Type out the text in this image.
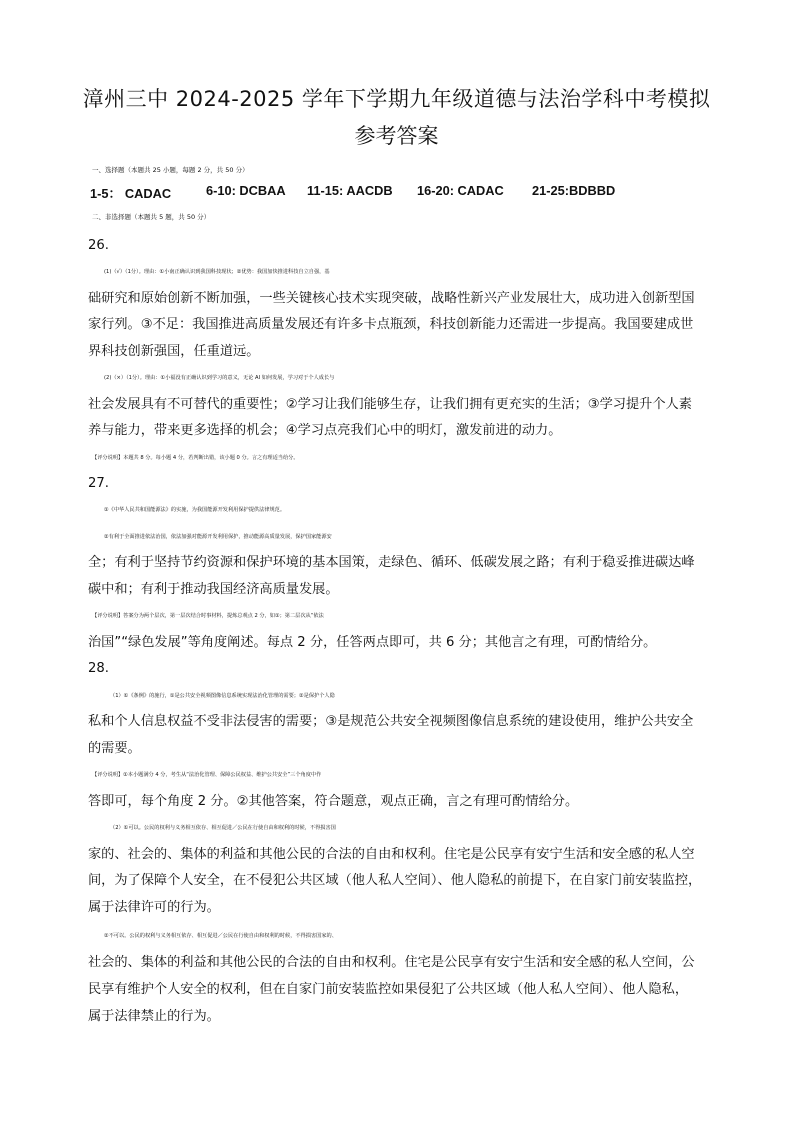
漳州三中 2024-2025 学年下学期九年级道德与法治学科中考模拟
参考答案
一、选择题（本题共 25 小题，每题 2 分，共 50 分）
1-5： CADAC	6-10: DCBAA 11-15: AACDB 16-20: CADAC 21-25:BDBBD
二、非选择题（本题共 5 题，共 50 分）
26.
(1)（√）（1分）。理由：①小南正确认识到我国科技现状；②优势：我国加快推进科技自立自强，基
础研究和原始创新不断加强，一些关键核心技术实现突破，战略性新兴产业发展壮大，成功进入创新型国
家行列。③不足：我国推进高质量发展还有许多卡点瓶颈，科技创新能力还需进一步提高。我国要建成世
界科技创新强国，任重道远。
(2)（×）（1分）。理由：①小福没有正确认识到学习的意义，无论 AI 如何发展，学习对于个人成长与
社会发展具有不可替代的重要性；②学习让我们能够生存，让我们拥有更充实的生活；③学习提升个人素
养与能力，带来更多选择的机会；④学习点亮我们心中的明灯，激发前进的动力。
【评分说明】本题共 8 分。每小题 4 分，若判断出错，该小题 0 分。言之有理适当给分。
27.
①《中华人民共和国能源法》的实施，为我国能源开发利用保护提供法律规范。
②有利于全面推进依法治国，依法加强对能源开发利用保护，推动能源高质量发展，保护国家能源安
全；有利于坚持节约资源和保护环境的基本国策，走绿色、循环、低碳发展之路；有利于稳妥推进碳达峰
碳中和；有利于推动我国经济高质量发展。
【评分说明】答案分为两个层次，第一层次结合时事材料，提炼总观点 2 分，如①；第二层次从“依法
治国”“绿色发展”等角度阐述。每点 2 分，任答两点即可，共 6 分；其他言之有理，可酌情给分。
28.
（1）①《条例》的施行，①是公共安全视频图像信息系统实现法治化管理的需要；②是保护个人隐
私和个人信息权益不受非法侵害的需要；③是规范公共安全视频图像信息系统的建设使用，维护公共安全
的需要。
【评分说明】①本小题满分 4 分，考生从“法治化管理、保障公民权益、维护公共安全”三个角度中作
答即可，每个角度 2 分。②其他答案，符合题意，观点正确，言之有理可酌情给分。
（2）①可以。公民的权利与义务相互依存、相互促进／公民在行使自由和权利的时候，不得损害国
家的、社会的、集体的利益和其他公民的合法的自由和权利。住宅是公民享有安宁生活和安全感的私人空
间，为了保障个人安全，在不侵犯公共区域（他人私人空间）、他人隐私的前提下，在自家门前安装监控，
属于法律许可的行为。
②不可以。公民的权利与义务相互依存、相互促进／公民在行使自由和权利的时候，不得损害国家的、
社会的、集体的利益和其他公民的合法的自由和权利。住宅是公民享有安宁生活和安全感的私人空间，公
民享有维护个人安全的权利，但在自家门前安装监控如果侵犯了公共区域（他人私人空间）、他人隐私，
属于法律禁止的行为。
